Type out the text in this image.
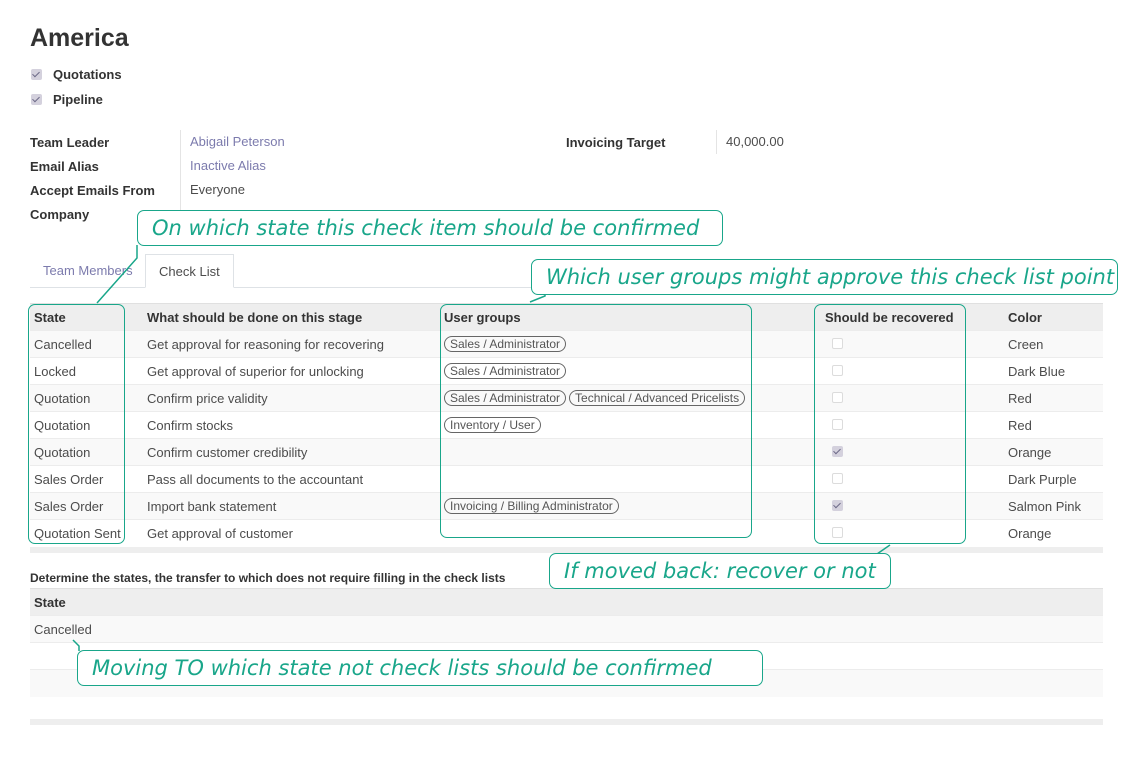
America
Quotations
Pipeline
Team Leader	Abigail Peterson
Email Alias	Inactive Alias
Accept Emails From	Everyone
Company
Invoicing Target	40,000.00
Team Members	Check List
State	What should be done on this stage	User groups	Should be recovered	Color
Cancelled	Get approval for reasoning for recovering	Sales / Administrator		Creen
Locked	Get approval of superior for unlocking	Sales / Administrator		Dark Blue
Quotation	Confirm price validity	Sales / Administrator Technical / Advanced Pricelists		Red
Quotation	Confirm stocks	Inventory / User		Red
Quotation	Confirm customer credibility			Orange
Sales Order	Pass all documents to the accountant			Dark Purple
Sales Order	Import bank statement	Invoicing / Billing Administrator		Salmon Pink
Quotation Sent	Get approval of customer			Orange
Determine the states, the transfer to which does not require filling in the check lists
State
Cancelled

On which state this check item should be confirmed
Which user groups might approve this check list point
If moved back: recover or not
Moving TO which state not check lists should be confirmed
